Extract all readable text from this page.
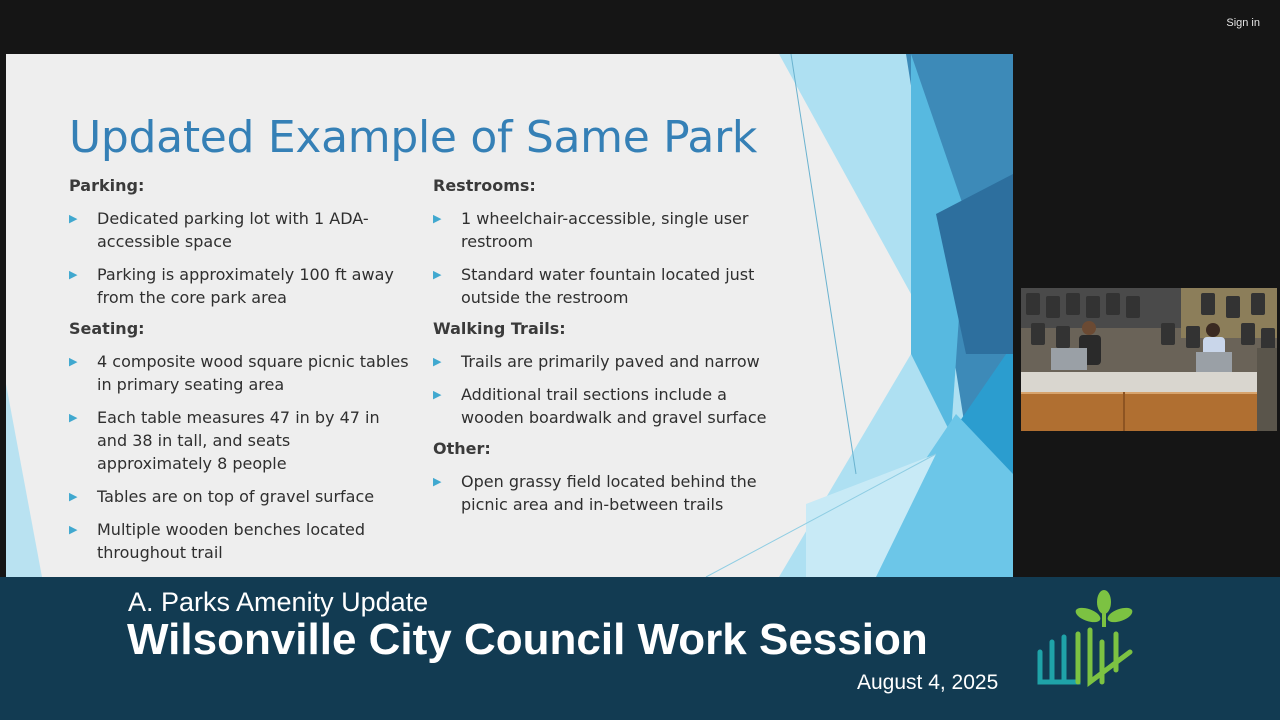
Sign in
Updated Example of Same Park
Parking:
▶ Dedicated parking lot with 1 ADA-accessible space
▶ Parking is approximately 100 ft away from the core park area
Seating:
▶ 4 composite wood square picnic tables in primary seating area
▶ Each table measures 47 in by 47 in and 38 in tall, and seats approximately 8 people
▶ Tables are on top of gravel surface
▶ Multiple wooden benches located throughout trail
Restrooms:
▶ 1 wheelchair-accessible, single user restroom
▶ Standard water fountain located just outside the restroom
Walking Trails:
▶ Trails are primarily paved and narrow
▶ Additional trail sections include a wooden boardwalk and gravel surface
Other:
▶ Open grassy field located behind the picnic area and in-between trails
A. Parks Amenity Update
Wilsonville City Council Work Session
August 4, 2025
